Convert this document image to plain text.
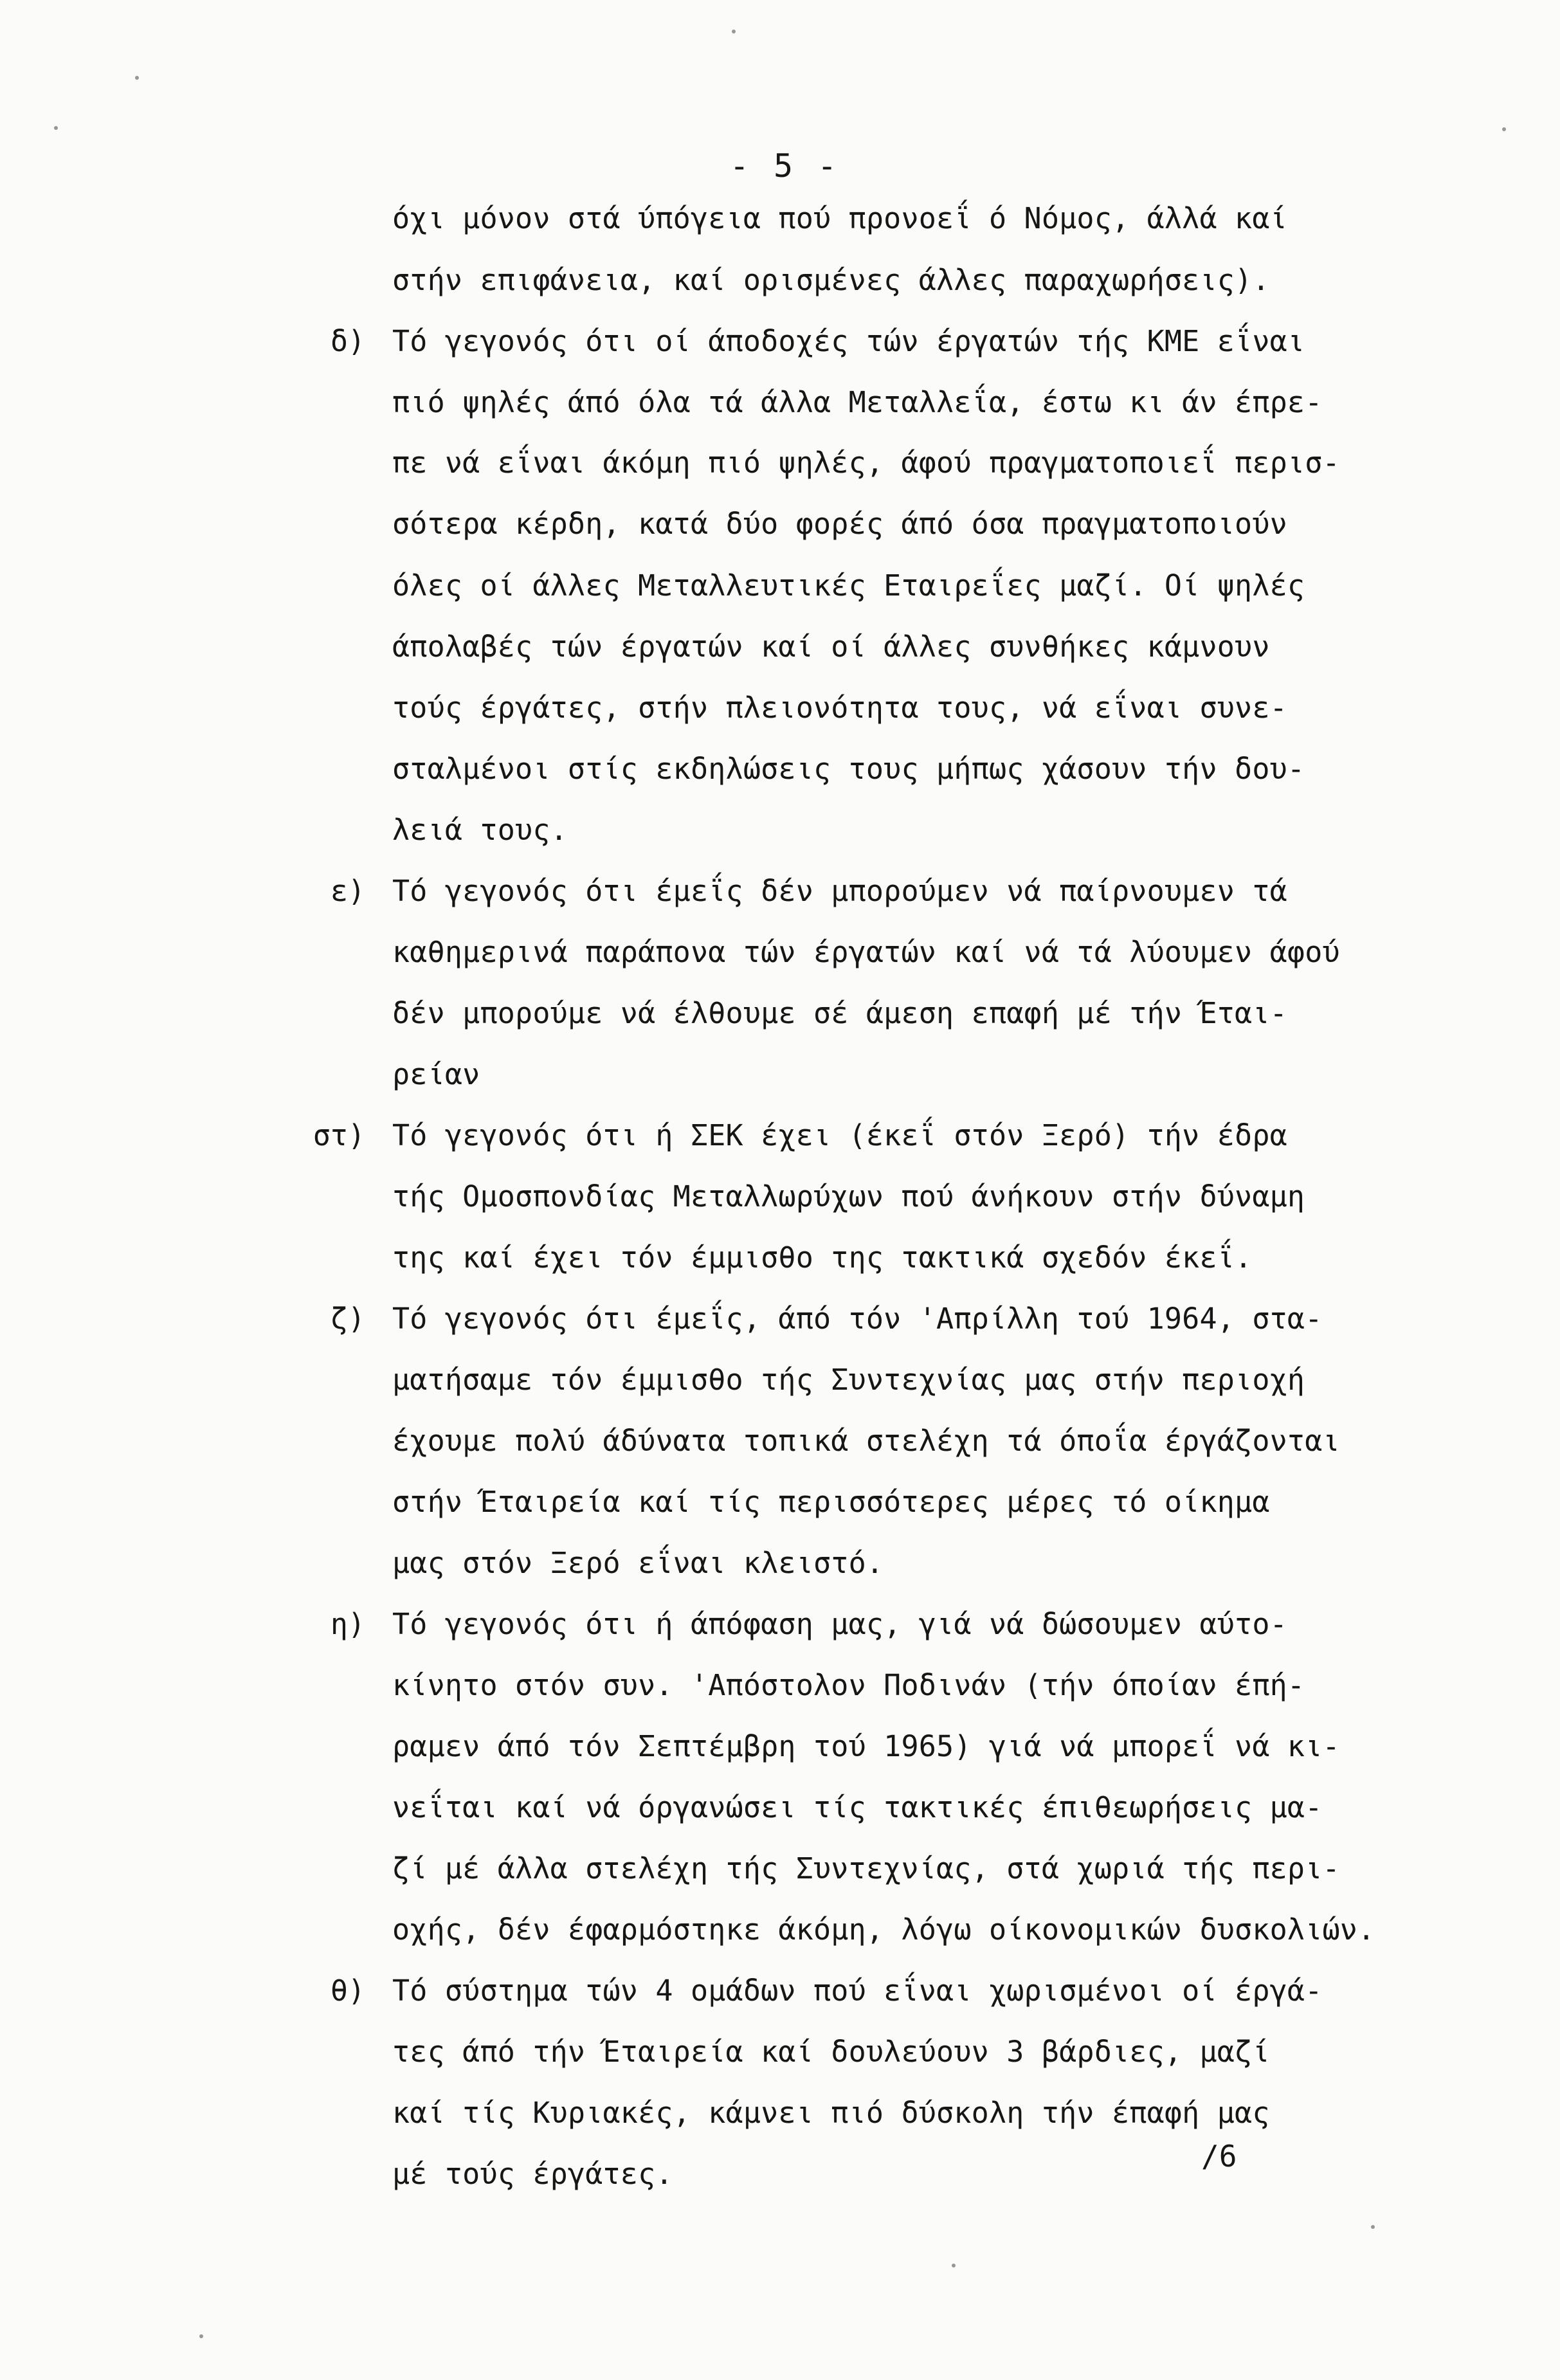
- 5 -
όχι μόνον στά ύπόγεια πού προνοεΐ ό Νόμος, άλλά καί
στήν επιφάνεια, καί ορισμένες άλλες παραχωρήσεις).
δ) Τό γεγονός ότι οί άποδοχές τών έργατών τής ΚΜΕ εΐναι
πιό ψηλές άπό όλα τά άλλα Μεταλλεΐα, έστω κι άν έπρε-
πε νά εΐναι άκόμη πιό ψηλές, άφού πραγματοποιεΐ περισ-
σότερα κέρδη, κατά δύο φορές άπό όσα πραγματοποιούν
όλες οί άλλες Μεταλλευτικές Εταιρεΐες μαζί. Οί ψηλές
άπολαβές τών έργατών καί οί άλλες συνθήκες κάμνουν
τούς έργάτες, στήν πλειονότητα τους, νά εΐναι συνε-
σταλμένοι στίς εκδηλώσεις τους μήπως χάσουν τήν δου-
λειά τους.
ε) Τό γεγονός ότι έμεΐς δέν μπορούμεν νά παίρνουμεν τά
καθημερινά παράπονα τών έργατών καί νά τά λύουμεν άφού
δέν μπορούμε νά έλθουμε σέ άμεση επαφή μέ τήν Έται-
ρείαν
στ) Τό γεγονός ότι ή ΣΕΚ έχει (έκεΐ στόν Ξερό) τήν έδρα
τής Ομοσπονδίας Μεταλλωρύχων πού άνήκουν στήν δύναμη
της καί έχει τόν έμμισθο της τακτικά σχεδόν έκεΐ.
ζ) Τό γεγονός ότι έμεΐς, άπό τόν 'Απρίλλη τού 1964, στα-
ματήσαμε τόν έμμισθο τής Συντεχνίας μας στήν περιοχή
έχουμε πολύ άδύνατα τοπικά στελέχη τά όποΐα έργάζονται
στήν Έταιρεία καί τίς περισσότερες μέρες τό οίκημα
μας στόν Ξερό εΐναι κλειστό.
η) Τό γεγονός ότι ή άπόφαση μας, γιά νά δώσουμεν αύτο-
κίνητο στόν συν. 'Απόστολον Ποδινάν (τήν όποίαν έπή-
ραμεν άπό τόν Σεπτέμβρη τού 1965) γιά νά μπορεΐ νά κι-
νεΐται καί νά όργανώσει τίς τακτικές έπιθεωρήσεις μα-
ζί μέ άλλα στελέχη τής Συντεχνίας, στά χωριά τής περι-
οχής, δέν έφαρμόστηκε άκόμη, λόγω οίκονομικών δυσκολιών.
θ) Τό σύστημα τών 4 ομάδων πού εΐναι χωρισμένοι οί έργά-
τες άπό τήν Έταιρεία καί δουλεύουν 3 βάρδιες, μαζί
καί τίς Κυριακές, κάμνει πιό δύσκολη τήν έπαφή μας
μέ τούς έργάτες.
/6
